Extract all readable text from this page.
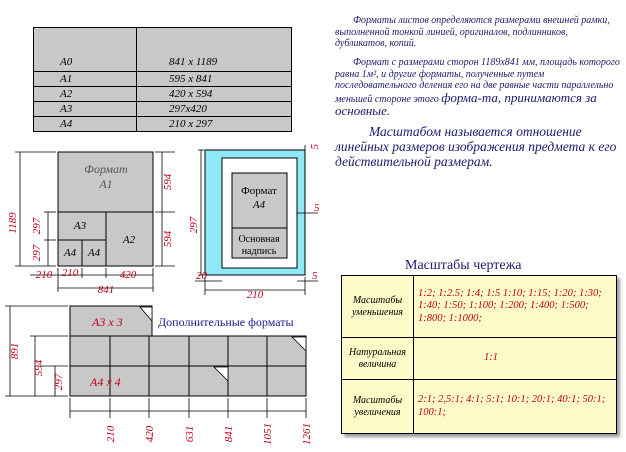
A0	841 x 1189
A1	595 x 841
A2	420 x 594
A3	297x420
A4	210 x 297
Форматы листов определяются размерами внешней рамки, выполненной тонкой линией, оригиналов, подлинников, дубликатов, копий.
Формат с размерами сторон 1189х841 мм, площадь которого равна 1м², и другие форматы, полученные путем последовательного деления его на две равные части параллельно меньшей стороне этого форма-та, принимаются за основные.
Масштабом называется отношение линейных размеров изображения предмета к его действительной размерам.
Формат
A1
A2
A3
A4 A4
1189 297
297
594
594
210 210	420
841
Формат
A4
Основная
надпись
297
210
5
5
5
20
A3 x 3
A4 x 4
Дополнительные форматы
891
594
297
210 420	631 841 1051 1261
Масштабы чертежа
Масштабы
уменьшения	1:2; 1:2.5; 1:4; 1:5 1:10; 1:15; 1:20; 1:30; 1:40; 1:50; 1:100; 1:200; 1:400; 1:500; 1:800; 1:1000;
Натуральная
величина	1:1
Масштабы
увеличения	2:1; 2,5:1; 4:1; 5:1; 10:1; 20:1; 40:1; 50:1; 100:1;
